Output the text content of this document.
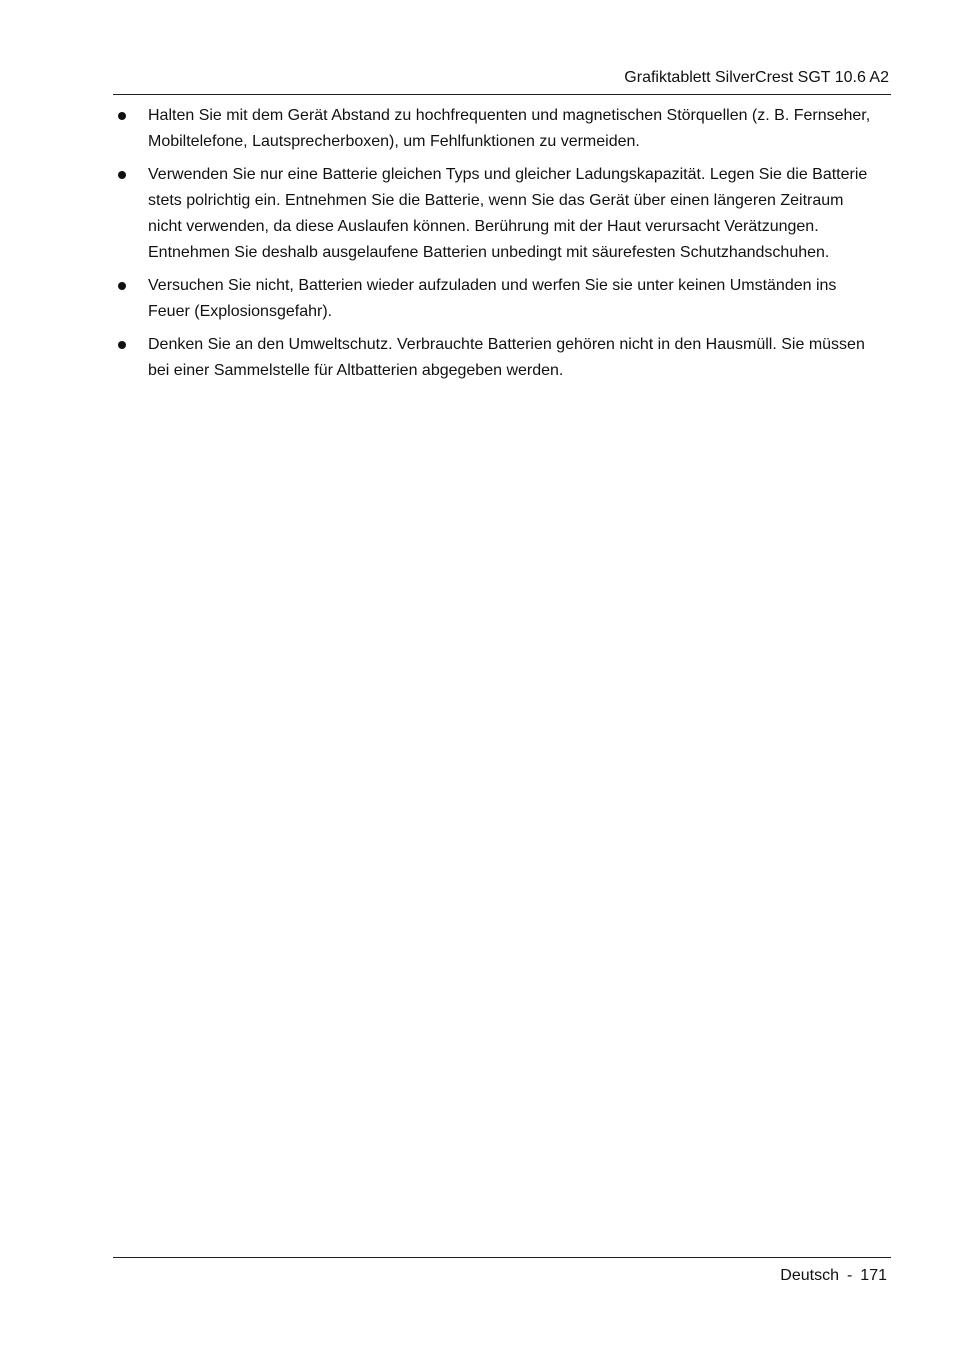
Grafiktablett SilverCrest SGT 10.6 A2
Halten Sie mit dem Gerät Abstand zu hochfrequenten und magnetischen Störquellen (z. B. Fernseher, Mobiltelefone, Lautsprecherboxen), um Fehlfunktionen zu vermeiden.
Verwenden Sie nur eine Batterie gleichen Typs und gleicher Ladungskapazität. Legen Sie die Batterie stets polrichtig ein. Entnehmen Sie die Batterie, wenn Sie das Gerät über einen längeren Zeitraum nicht verwenden, da diese Auslaufen können. Berührung mit der Haut verursacht Verätzungen. Entnehmen Sie deshalb ausgelaufene Batterien unbedingt mit säurefesten Schutzhandschuhen.
Versuchen Sie nicht, Batterien wieder aufzuladen und werfen Sie sie unter keinen Umständen ins Feuer (Explosionsgefahr).
Denken Sie an den Umweltschutz. Verbrauchte Batterien gehören nicht in den Hausmüll. Sie müssen bei einer Sammelstelle für Altbatterien abgegeben werden.
Deutsch - 171
